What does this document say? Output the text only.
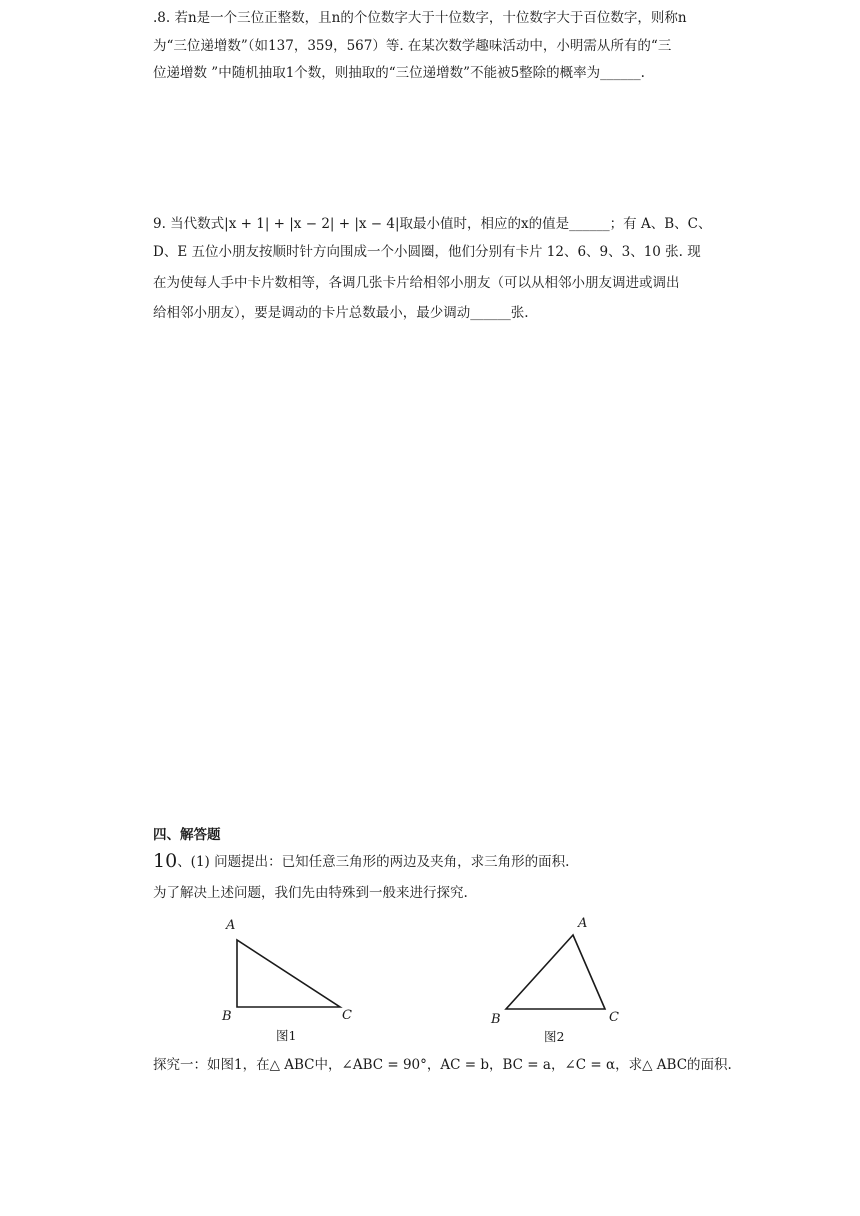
.8. 若n是一个三位正整数，且n的个位数字大于十位数字，十位数字大于百位数字，则称n
为“三位递增数”（如137，359，567）等. 在某次数学趣味活动中，小明需从所有的“三
位递增数 ”中随机抽取1个数，则抽取的“三位递增数”不能被5整除的概率为______.
9. 当代数式|x + 1| + |x − 2| + |x − 4|取最小值时，相应的x的值是______；有 A、B、C、
D、E 五位小朋友按顺时针方向围成一个小圆圈，他们分别有卡片 12、6、9、3、10 张. 现
在为使每人手中卡片数相等，各调几张卡片给相邻小朋友（可以从相邻小朋友调进或调出
给相邻小朋友），要是调动的卡片总数最小，最少调动______张.
四、解答题
10、(1) 问题提出：已知任意三角形的两边及夹角，求三角形的面积.
为了解决上述问题，我们先由特殊到一般来进行探究.
A
B	C
图1
A
B	C
图2
探究一：如图1，在△ ABC中，∠ABC = 90°，AC = b，BC = a，∠C = α，求△ ABC的面积.
